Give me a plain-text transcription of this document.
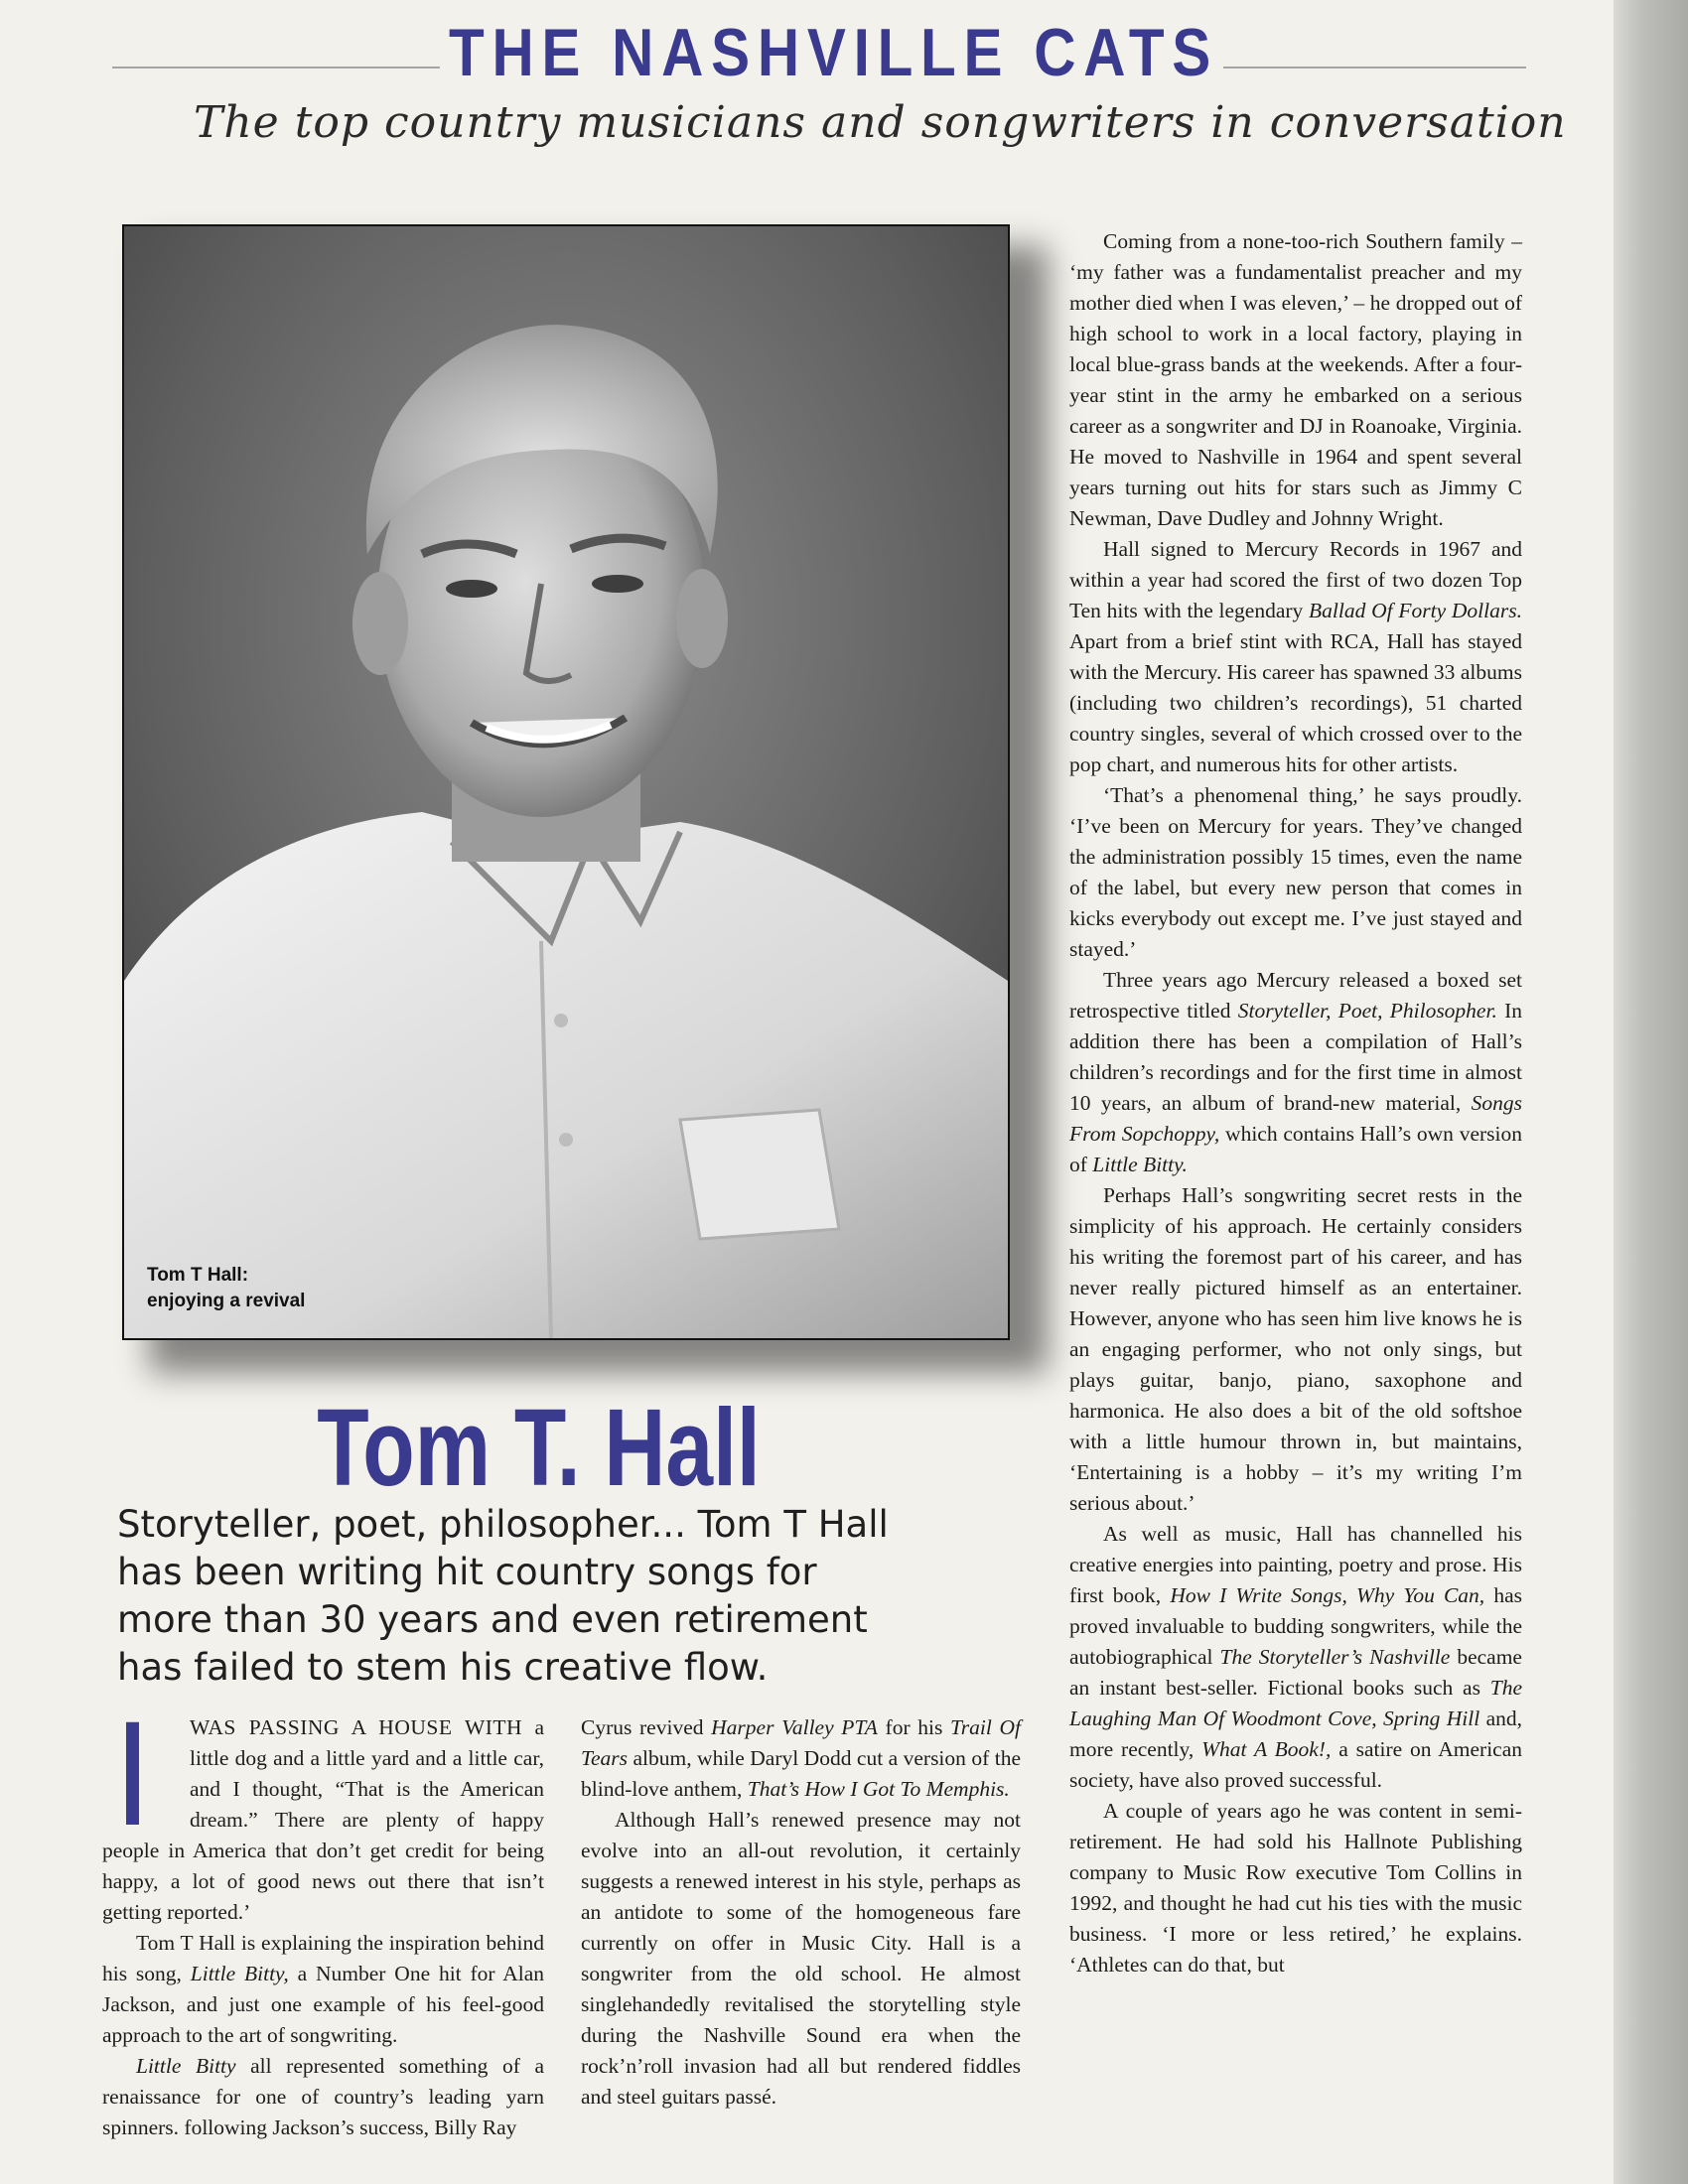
THE NASHVILLE CATS
The top country musicians and songwriters in conversation
Tom T Hall:
enjoying a revival
Tom T. Hall
Storyteller, poet, philosopher... Tom T Hall
has been writing hit country songs for
more than 30 years and even retirement
has failed to stem his creative flow.

I	WAS PASSING A HOUSE WITH a little dog and a little yard and a little car, and I thought, “That is the American dream.” There are plenty of happy people in America that don’t get credit for being happy, a lot of good news out there that isn’t getting reported.’

Tom T Hall is explaining the inspiration behind his song, Little Bitty, a Number One hit for Alan Jackson, and just one example of his feel-good approach to the art of songwriting.

Little Bitty all represented something of a renaissance for one of country’s leading yarn spinners. following Jackson’s success, Billy Ray

Cyrus revived Harper Valley PTA for his Trail Of Tears album, while Daryl Dodd cut a version of the blind-love anthem, That’s How I Got To Memphis.

Although Hall’s renewed presence may not evolve into an all-out revolution, it certainly suggests a renewed interest in his style, perhaps as an antidote to some of the homogeneous fare currently on offer in Music City. Hall is a songwriter from the old school. He almost singlehandedly revitalised the storytelling style during the Nashville Sound era when the rock’n’roll invasion had all but rendered fiddles and steel guitars passé.

Coming from a none-too-rich Southern family – ‘my father was a fundamentalist preacher and my mother died when I was eleven,’ – he dropped out of high school to work in a local factory, playing in local blue-grass bands at the weekends. After a four-year stint in the army he embarked on a serious career as a songwriter and DJ in Roanoake, Virginia. He moved to Nashville in 1964 and spent several years turning out hits for stars such as Jimmy C Newman, Dave Dudley and Johnny Wright.

Hall signed to Mercury Records in 1967 and within a year had scored the first of two dozen Top Ten hits with the legendary Ballad Of Forty Dollars. Apart from a brief stint with RCA, Hall has stayed with the Mercury. His career has spawned 33 albums (including two children’s recordings), 51 charted country singles, several of which crossed over to the pop chart, and numerous hits for other artists.

‘That’s a phenomenal thing,’ he says proudly. ‘I’ve been on Mercury for years. They’ve changed the administration possibly 15 times, even the name of the label, but every new person that comes in kicks everybody out except me. I’ve just stayed and stayed.’

Three years ago Mercury released a boxed set retrospective titled Storyteller, Poet, Philosopher. In addition there has been a compilation of Hall’s children’s recordings and for the first time in almost 10 years, an album of brand-new material, Songs From Sopchoppy, which contains Hall’s own version of Little Bitty.

Perhaps Hall’s songwriting secret rests in the simplicity of his approach. He certainly considers his writing the foremost part of his career, and has never really pictured himself as an entertainer. However, anyone who has seen him live knows he is an engaging performer, who not only sings, but plays guitar, banjo, piano, saxophone and harmonica. He also does a bit of the old softshoe with a little humour thrown in, but maintains, ‘Entertaining is a hobby – it’s my writing I’m serious about.’

As well as music, Hall has channelled his creative energies into painting, poetry and prose. His first book, How I Write Songs, Why You Can, has proved invaluable to budding songwriters, while the autobiographical The Storyteller’s Nashville became an instant best-seller. Fictional books such as The Laughing Man Of Woodmont Cove, Spring Hill and, more recently, What A Book!, a satire on American society, have also proved successful.

A couple of years ago he was content in semi-retirement. He had sold his Hallnote Publishing company to Music Row executive Tom Collins in 1992, and thought he had cut his ties with the music business. ‘I more or less retired,’ he explains. ‘Athletes can do that, but
